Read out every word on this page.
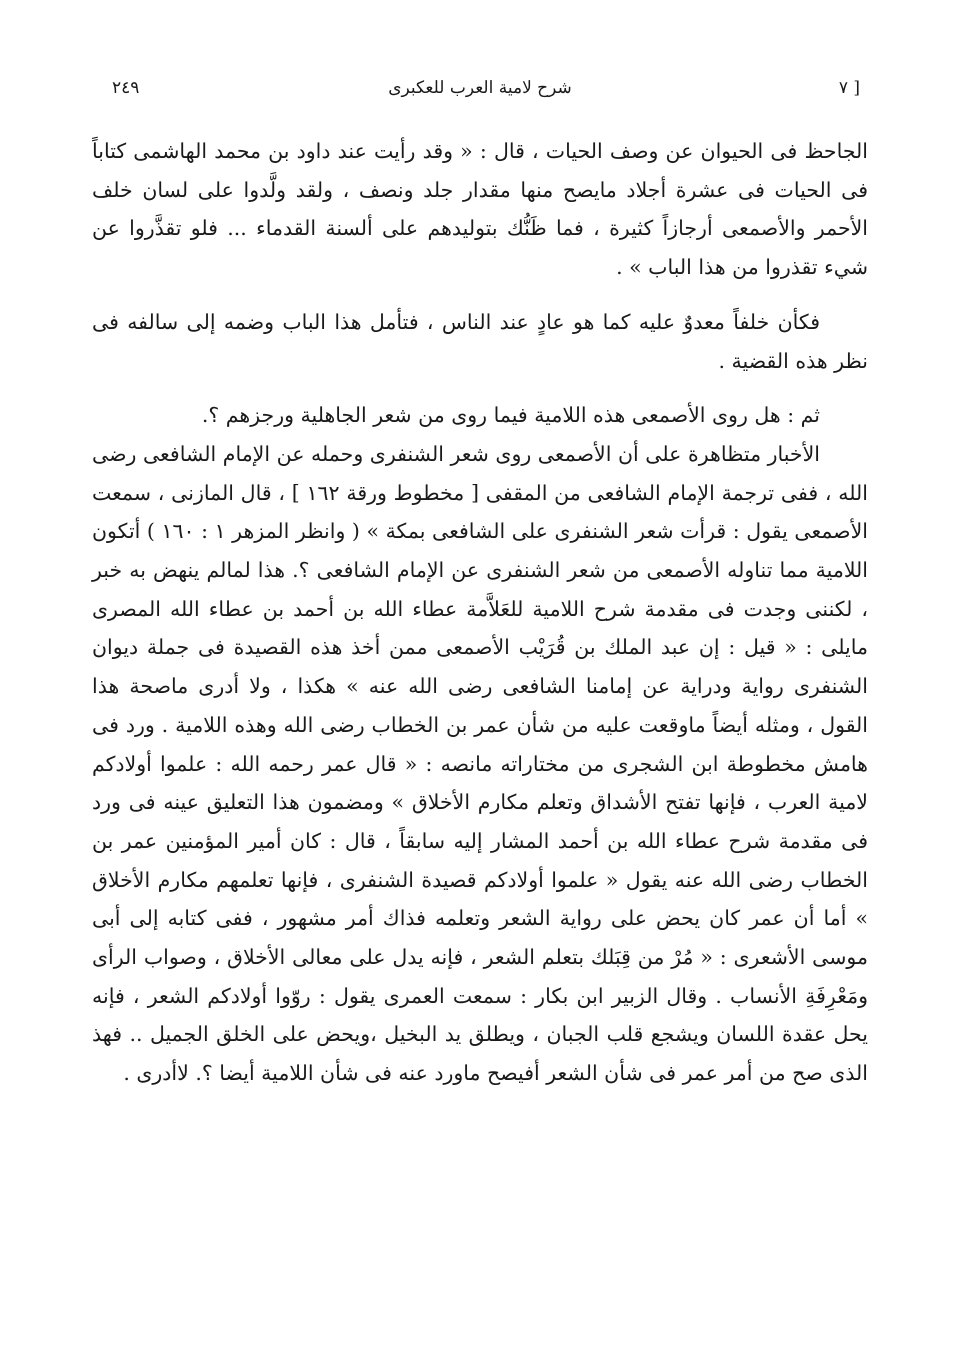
[ ٧
شرح لامية العرب للعكبرى
٢٤٩

الجاحظ فى الحيوان عن وصف الحيات ، قال : « وقد رأيت عند داود بن محمد الهاشمى كتاباً فى الحيات فى عشرة أجلاد مايصح منها مقدار جلد ونصف ، ولقد ولَّدوا على لسان خلف الأحمر والأصمعى أرجازاً كثيرة ، فما ظَنُّك بتوليدهم على ألسنة القدماء ... فلو تقذَّروا عن شيء تقذروا من هذا الباب » .

فكأن خلفاً معدوٌ عليه كما هو عادٍ عند الناس ، فتأمل هذا الباب وضمه إلى سالفه فى نظر هذه القضية .

ثم : هل روى الأصمعى هذه اللامية فيما روى من شعر الجاهلية ورجزهم ؟.

الأخبار متظاهرة على أن الأصمعى روى شعر الشنفرى وحمله عن الإمام الشافعى رضى الله ، ففى ترجمة الإمام الشافعى من المقفى [ مخطوط ورقة ١٦٢ ] ، قال المازنى ، سمعت الأصمعى يقول : قرأت شعر الشنفرى على الشافعى بمكة » ( وانظر المزهر ١ : ١٦٠ ) أتكون اللامية مما تناوله الأصمعى من شعر الشنفرى عن الإمام الشافعى ؟. هذا لمالم ينهض به خبر ، لكننى وجدت فى مقدمة شرح اللامية للعَلاَّمة عطاء الله بن أحمد بن عطاء الله المصرى مايلى : « قيل : إن عبد الملك بن قُرَيْب الأصمعى ممن أخذ هذه القصيدة فى جملة ديوان الشنفرى رواية ودراية عن إمامنا الشافعى رضى الله عنه » هكذا ، ولا أدرى ماصحة هذا القول ، ومثله أيضاً ماوقعت عليه من شأن عمر بن الخطاب رضى الله وهذه اللامية . ورد فى هامش مخطوطة ابن الشجرى من مختاراته مانصه : « قال عمر رحمه الله : علموا أولادكم لامية العرب ، فإنها تفتح الأشداق وتعلم مكارم الأخلاق » ومضمون هذا التعليق عينه فى ورد فى مقدمة شرح عطاء الله بن أحمد المشار إليه سابقاً ، قال : كان أمير المؤمنين عمر بن الخطاب رضى الله عنه يقول « علموا أولادكم قصيدة الشنفرى ، فإنها تعلمهم مكارم الأخلاق » أما أن عمر كان يحض على رواية الشعر وتعلمه فذاك أمر مشهور ، ففى كتابه إلى أبى موسى الأشعرى : « مُرْ من قِبَلك بتعلم الشعر ، فإنه يدل على معالى الأخلاق ، وصواب الرأى ومَعْرِفَةِ الأنساب . وقال الزبير ابن بكار : سمعت العمرى يقول : روّوا أولادكم الشعر ، فإنه يحل عقدة اللسان ويشجع قلب الجبان ، ويطلق يد البخيل ،ويحض على الخلق الجميل .. فهذ الذى صح من أمر عمر فى شأن الشعر أفيصح ماورد عنه فى شأن اللامية أيضا ؟. لاأدرى .
